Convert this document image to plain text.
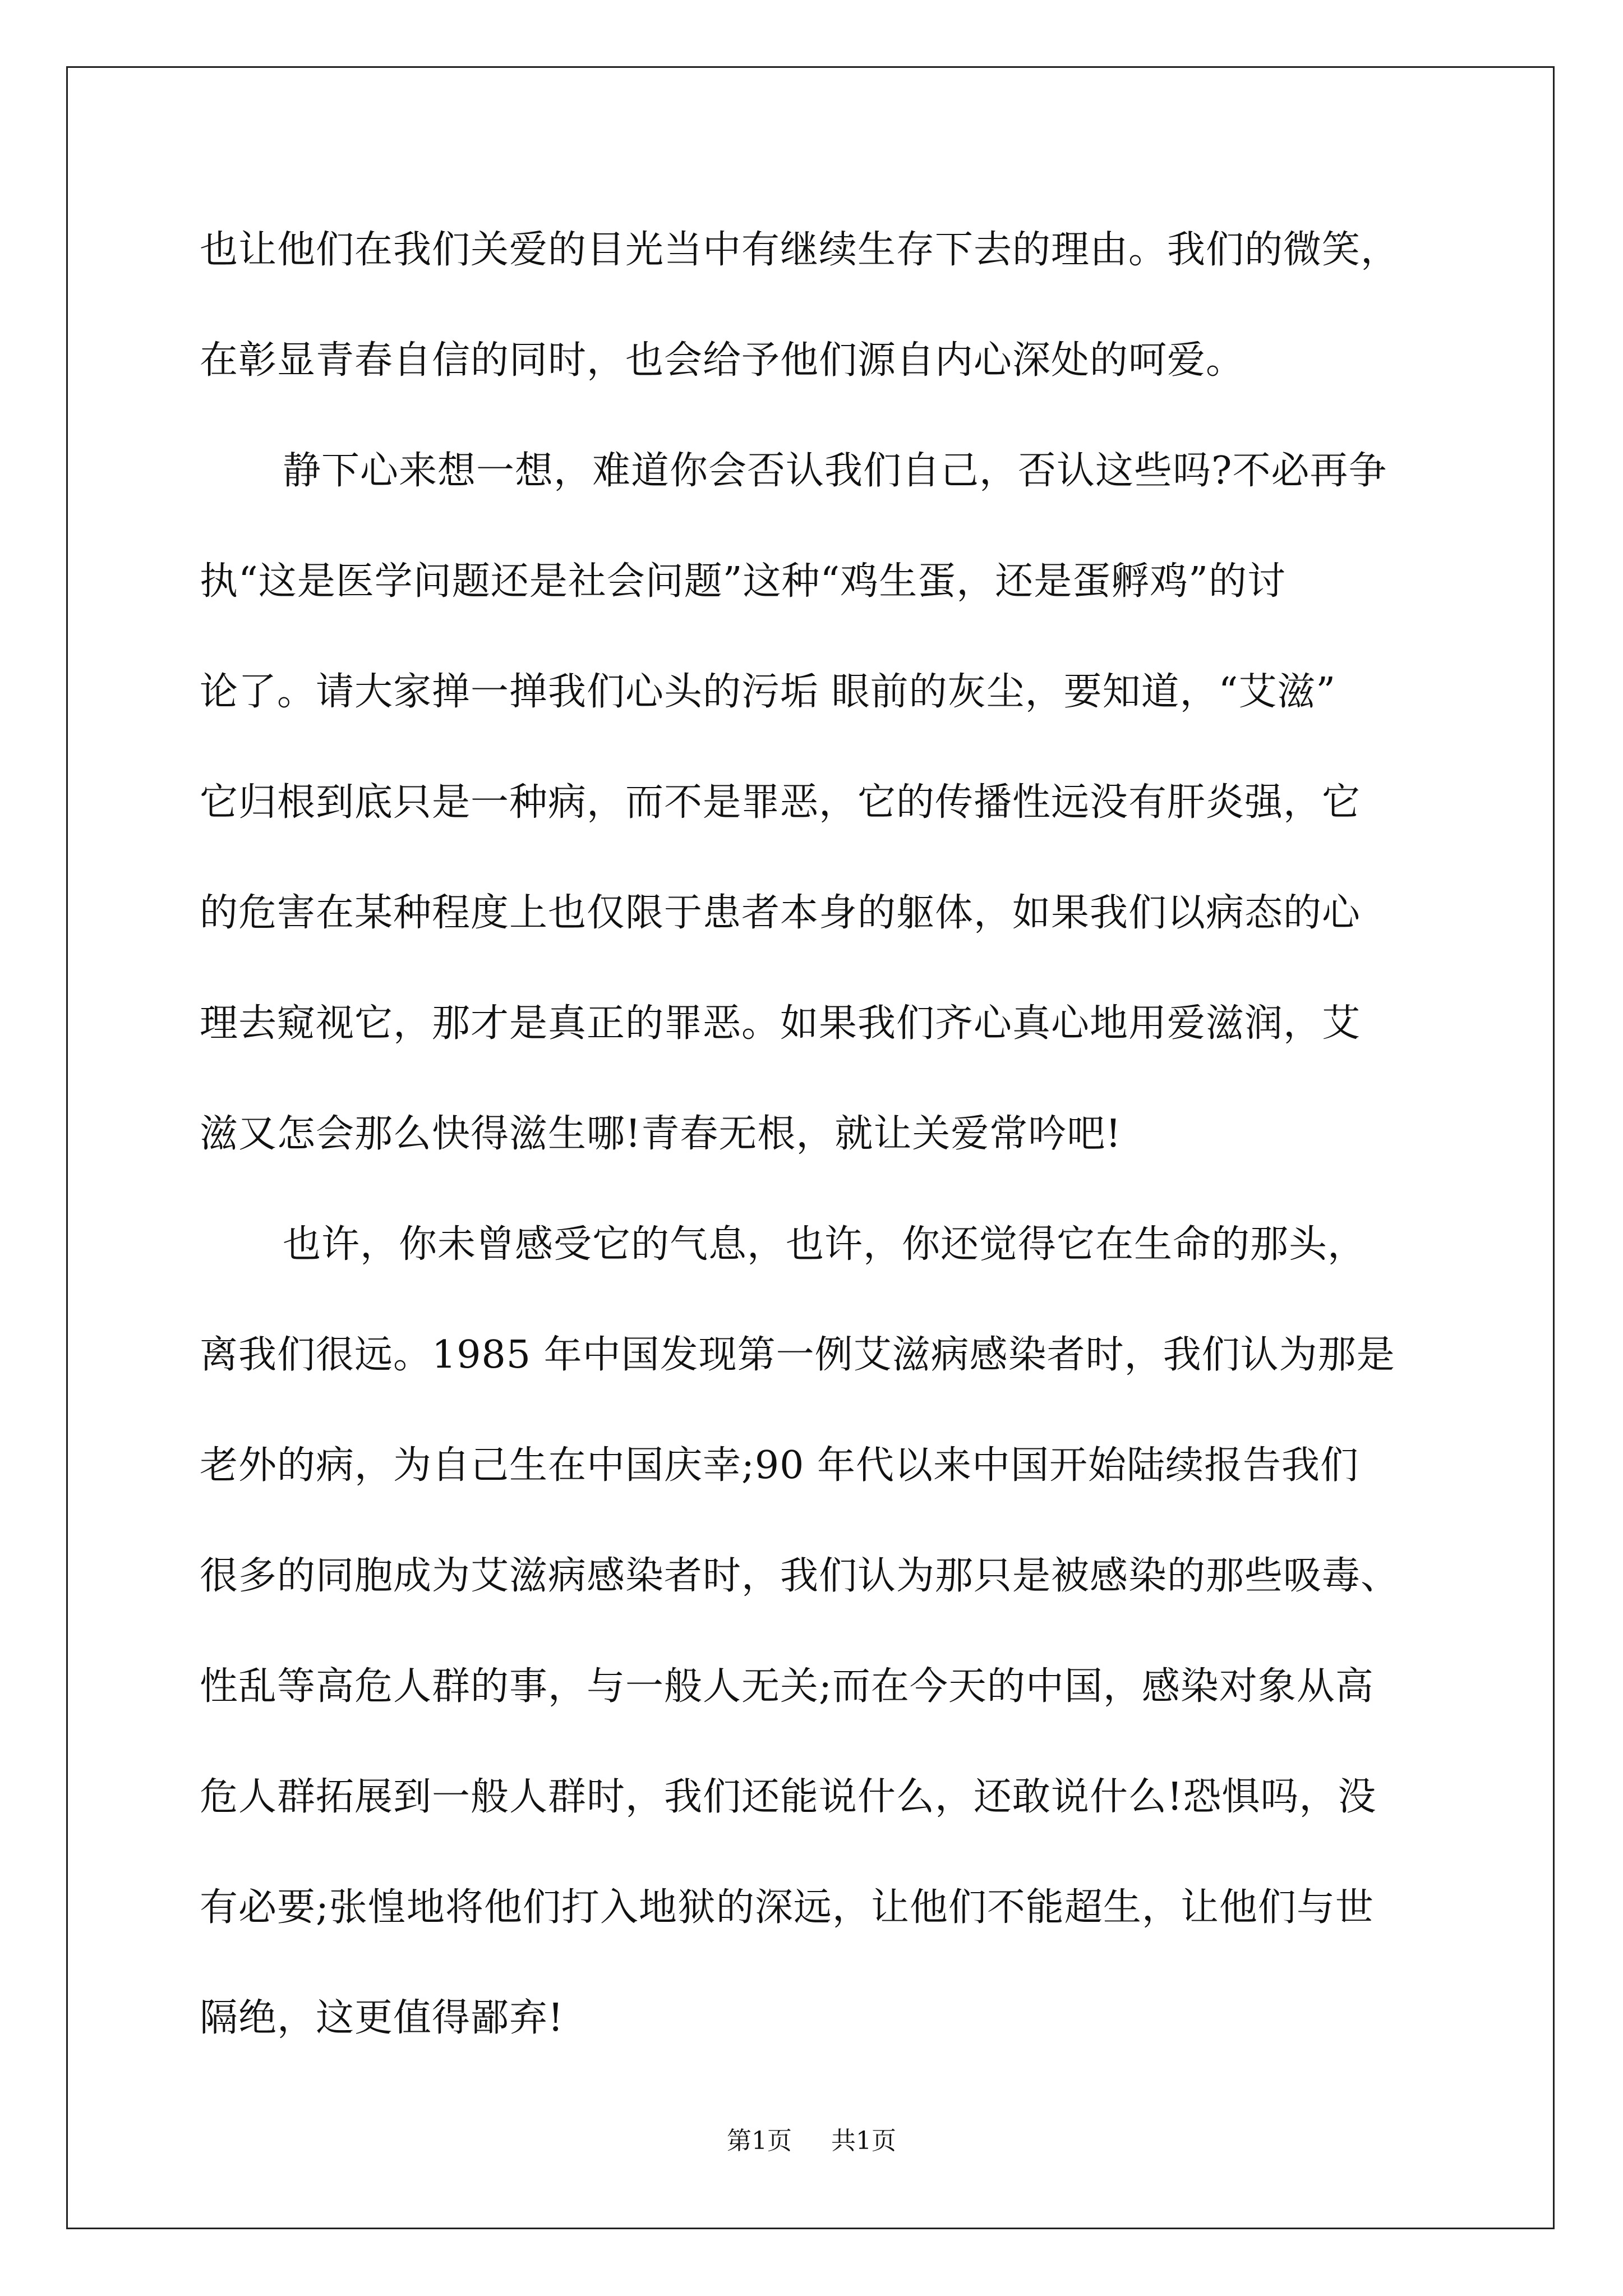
也让他们在我们关爱的目光当中有继续生存下去的理由。我们的微笑，
在彰显青春自信的同时，也会给予他们源自内心深处的呵爱。
静下心来想一想，难道你会否认我们自己，否认这些吗?不必再争
执“这是医学问题还是社会问题”这种“鸡生蛋，还是蛋孵鸡”的讨
论了。请大家掸一掸我们心头的污垢 眼前的灰尘，要知道，“艾滋”
它归根到底只是一种病，而不是罪恶，它的传播性远没有肝炎强，它
的危害在某种程度上也仅限于患者本身的躯体，如果我们以病态的心
理去窥视它，那才是真正的罪恶。如果我们齐心真心地用爱滋润，艾
滋又怎会那么快得滋生哪!青春无根，就让关爱常吟吧!
也许，你未曾感受它的气息，也许，你还觉得它在生命的那头，
离我们很远。1985 年中国发现第一例艾滋病感染者时，我们认为那是
老外的病，为自己生在中国庆幸;90 年代以来中国开始陆续报告我们
很多的同胞成为艾滋病感染者时，我们认为那只是被感染的那些吸毒、
性乱等高危人群的事，与一般人无关;而在今天的中国，感染对象从高
危人群拓展到一般人群时，我们还能说什么，还敢说什么!恐惧吗，没
有必要;张惶地将他们打入地狱的深远，让他们不能超生，让他们与世
隔绝，这更值得鄙弃!
第1页 共1页
